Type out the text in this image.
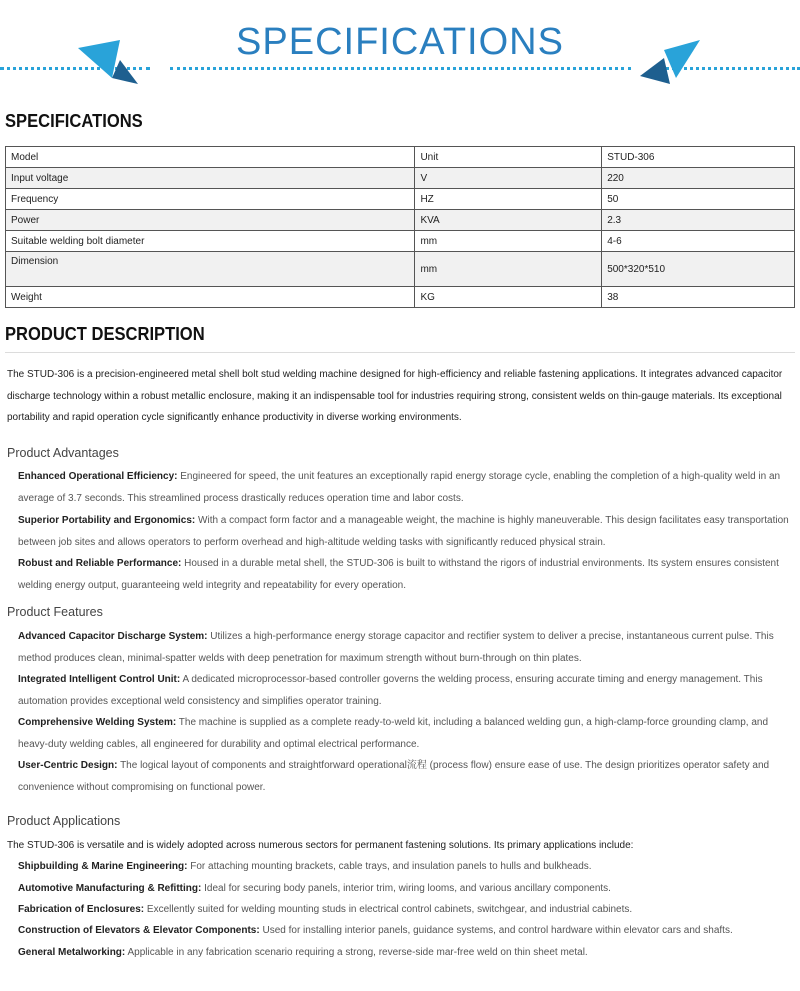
SPECIFICATIONS
SPECIFICATIONS
Model	Unit	STUD-306
Input voltage	V	220
Frequency	HZ	50
Power	KVA	2.3
Suitable welding bolt diameter	mm	4-6
Dimension	mm	500*320*510
Weight	KG	38
PRODUCT DESCRIPTION
The STUD-306 is a precision-engineered metal shell bolt stud welding machine designed for high-efficiency and reliable fastening applications. It integrates advanced capacitor discharge technology within a robust metallic enclosure, making it an indispensable tool for industries requiring strong, consistent welds on thin-gauge materials. Its exceptional portability and rapid operation cycle significantly enhance productivity in diverse working environments.
Product Advantages
Enhanced Operational Efficiency: Engineered for speed, the unit features an exceptionally rapid energy storage cycle, enabling the completion of a high-quality weld in an average of 3.7 seconds. This streamlined process drastically reduces operation time and labor costs.
Superior Portability and Ergonomics: With a compact form factor and a manageable weight, the machine is highly maneuverable. This design facilitates easy transportation between job sites and allows operators to perform overhead and high-altitude welding tasks with significantly reduced physical strain.
Robust and Reliable Performance: Housed in a durable metal shell, the STUD-306 is built to withstand the rigors of industrial environments. Its system ensures consistent welding energy output, guaranteeing weld integrity and repeatability for every operation.
Product Features
Advanced Capacitor Discharge System: Utilizes a high-performance energy storage capacitor and rectifier system to deliver a precise, instantaneous current pulse. This method produces clean, minimal-spatter welds with deep penetration for maximum strength without burn-through on thin plates.
Integrated Intelligent Control Unit: A dedicated microprocessor-based controller governs the welding process, ensuring accurate timing and energy management. This automation provides exceptional weld consistency and simplifies operator training.
Comprehensive Welding System: The machine is supplied as a complete ready-to-weld kit, including a balanced welding gun, a high-clamp-force grounding clamp, and heavy-duty welding cables, all engineered for durability and optimal electrical performance.
User-Centric Design: The logical layout of components and straightforward operational流程 (process flow) ensure ease of use. The design prioritizes operator safety and convenience without compromising on functional power.
Product Applications
The STUD-306 is versatile and is widely adopted across numerous sectors for permanent fastening solutions. Its primary applications include:
Shipbuilding & Marine Engineering: For attaching mounting brackets, cable trays, and insulation panels to hulls and bulkheads.
Automotive Manufacturing & Refitting: Ideal for securing body panels, interior trim, wiring looms, and various ancillary components.
Fabrication of Enclosures: Excellently suited for welding mounting studs in electrical control cabinets, switchgear, and industrial cabinets.
Construction of Elevators & Elevator Components: Used for installing interior panels, guidance systems, and control hardware within elevator cars and shafts.
General Metalworking: Applicable in any fabrication scenario requiring a strong, reverse-side mar-free weld on thin sheet metal.
